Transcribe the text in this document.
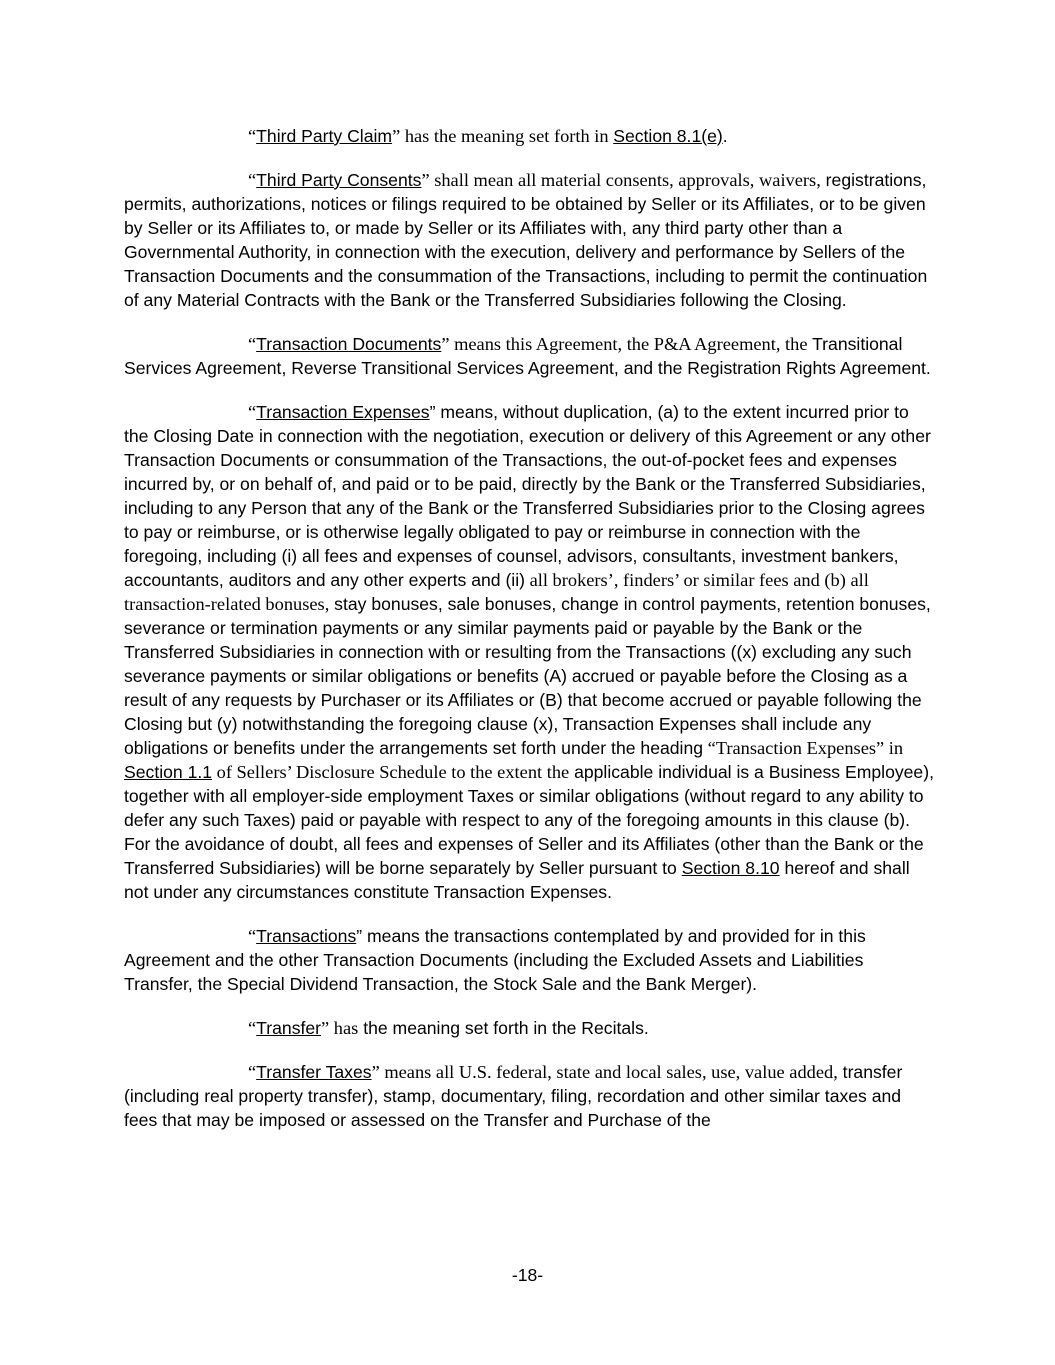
“Third Party Claim” has the meaning set forth in Section 8.1(e).

“Third Party Consents” shall mean all material consents, approvals, waivers, registrations, permits, authorizations, notices or filings required to be obtained by Seller or its Affiliates, or to be given by Seller or its Affiliates to, or made by Seller or its Affiliates with, any third party other than a Governmental Authority, in connection with the execution, delivery and performance by Sellers of the Transaction Documents and the consummation of the Transactions, including to permit the continuation of any Material Contracts with the Bank or the Transferred Subsidiaries following the Closing.

“Transaction Documents” means this Agreement, the P&A Agreement, the Transitional Services Agreement, Reverse Transitional Services Agreement, and the Registration Rights Agreement.

“Transaction Expenses” means, without duplication, (a) to the extent incurred prior to the Closing Date in connection with the negotiation, execution or delivery of this Agreement or any other Transaction Documents or consummation of the Transactions, the out-of-pocket fees and expenses incurred by, or on behalf of, and paid or to be paid, directly by the Bank or the Transferred Subsidiaries, including to any Person that any of the Bank or the Transferred Subsidiaries prior to the Closing agrees to pay or reimburse, or is otherwise legally obligated to pay or reimburse in connection with the foregoing, including (i) all fees and expenses of counsel, advisors, consultants, investment bankers, accountants, auditors and any other experts and (ii) all brokers’, finders’ or similar fees and (b) all transaction-related bonuses, stay bonuses, sale bonuses, change in control payments, retention bonuses, severance or termination payments or any similar payments paid or payable by the Bank or the Transferred Subsidiaries in connection with or resulting from the Transactions ((x) excluding any such severance payments or similar obligations or benefits (A) accrued or payable before the Closing as a result of any requests by Purchaser or its Affiliates or (B) that become accrued or payable following the Closing but (y) notwithstanding the foregoing clause (x), Transaction Expenses shall include any obligations or benefits under the arrangements set forth under the heading “Transaction Expenses” in Section 1.1 of Sellers’ Disclosure Schedule to the extent the applicable individual is a Business Employee), together with all employer-side employment Taxes or similar obligations (without regard to any ability to defer any such Taxes) paid or payable with respect to any of the foregoing amounts in this clause (b). For the avoidance of doubt, all fees and expenses of Seller and its Affiliates (other than the Bank or the Transferred Subsidiaries) will be borne separately by Seller pursuant to Section 8.10 hereof and shall not under any circumstances constitute Transaction Expenses.

“Transactions” means the transactions contemplated by and provided for in this Agreement and the other Transaction Documents (including the Excluded Assets and Liabilities Transfer, the Special Dividend Transaction, the Stock Sale and the Bank Merger).

“Transfer” has the meaning set forth in the Recitals.

“Transfer Taxes” means all U.S. federal, state and local sales, use, value added, transfer (including real property transfer), stamp, documentary, filing, recordation and other similar taxes and fees that may be imposed or assessed on the Transfer and Purchase of the

-18-
